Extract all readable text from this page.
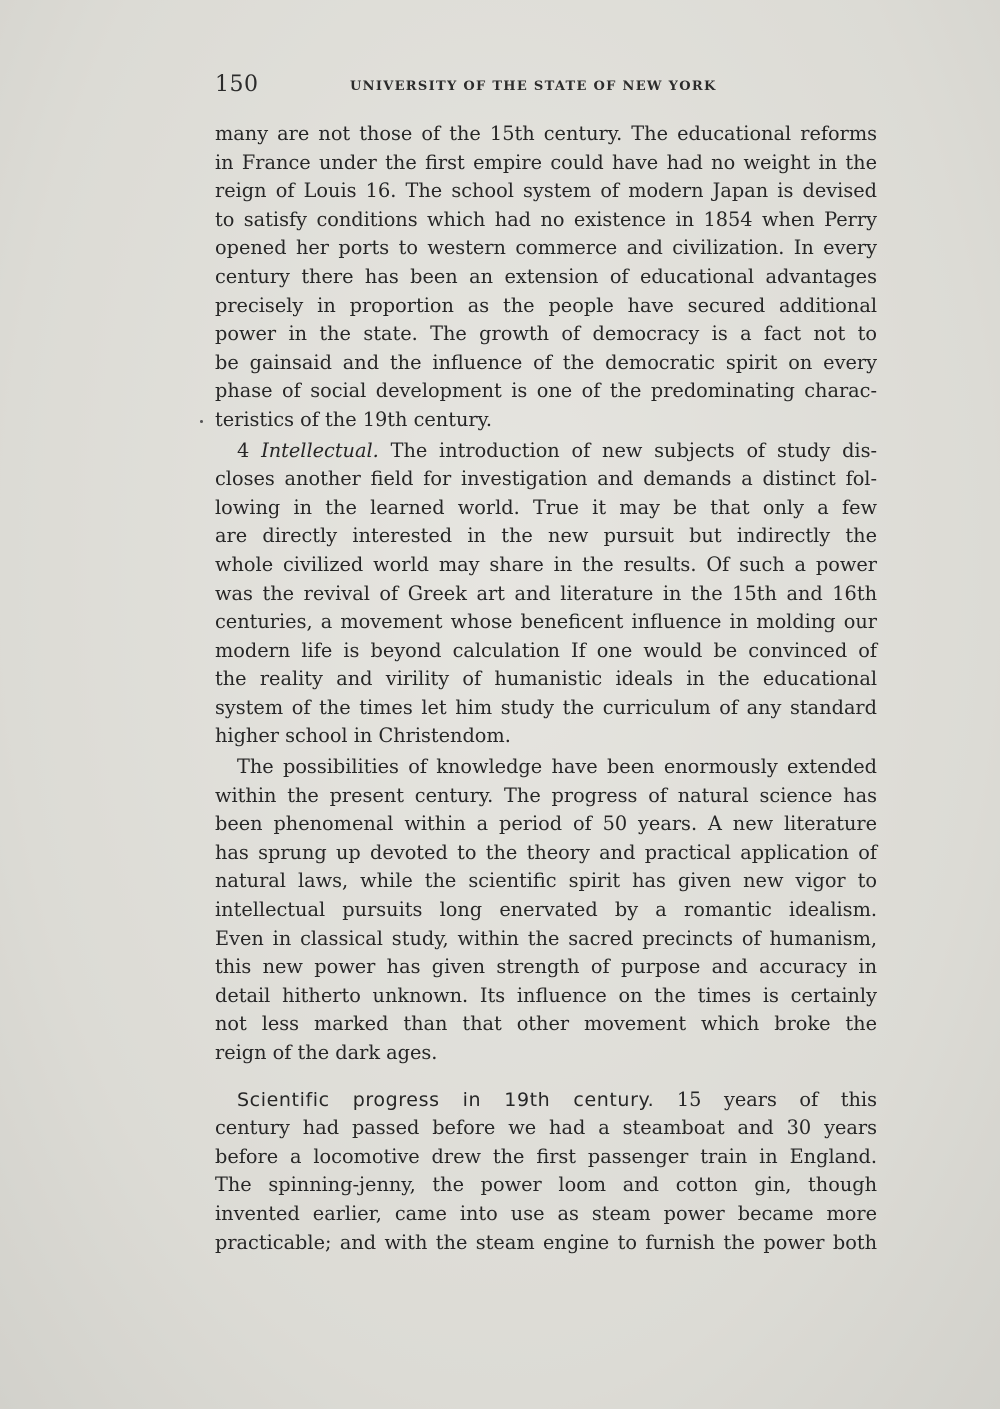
150	UNIVERSITY OF THE STATE OF NEW YORK
many are not those of the 15th century. The educational reforms
in France under the first empire could have had no weight in the
reign of Louis 16. The school system of modern Japan is devised
to satisfy conditions which had no existence in 1854 when Perry
opened her ports to western commerce and civilization. In every
century there has been an extension of educational advantages
precisely in proportion as the people have secured additional
power in the state. The growth of democracy is a fact not to
be gainsaid and the influence of the democratic spirit on every
phase of social development is one of the predominating charac-
teristics of the 19th century.
4 Intellectual. The introduction of new subjects of study dis-
closes another field for investigation and demands a distinct fol-
lowing in the learned world. True it may be that only a few
are directly interested in the new pursuit but indirectly the
whole civilized world may share in the results. Of such a power
was the revival of Greek art and literature in the 15th and 16th
centuries, a movement whose beneficent influence in molding our
modern life is beyond calculation If one would be convinced of
the reality and virility of humanistic ideals in the educational
system of the times let him study the curriculum of any standard
higher school in Christendom.
The possibilities of knowledge have been enormously extended
within the present century. The progress of natural science has
been phenomenal within a period of 50 years. A new literature
has sprung up devoted to the theory and practical application of
natural laws, while the scientific spirit has given new vigor to
intellectual pursuits long enervated by a romantic idealism.
Even in classical study, within the sacred precincts of humanism,
this new power has given strength of purpose and accuracy in
detail hitherto unknown. Its influence on the times is certainly
not less marked than that other movement which broke the
reign of the dark ages.
Scientific progress in 19th century. 15 years of this
century had passed before we had a steamboat and 30 years
before a locomotive drew the first passenger train in England.
The spinning-jenny, the power loom and cotton gin, though
invented earlier, came into use as steam power became more
practicable; and with the steam engine to furnish the power both
